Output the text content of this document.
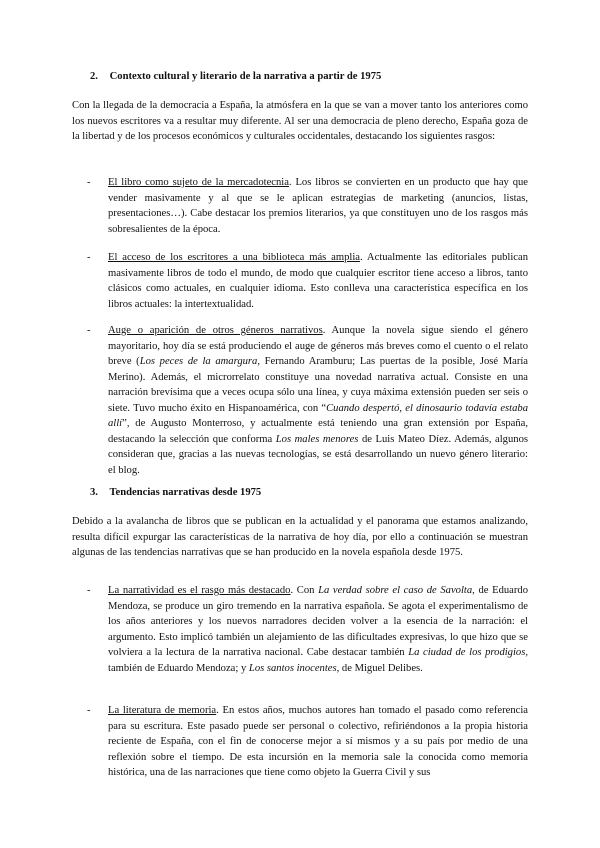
2. Contexto cultural y literario de la narrativa a partir de 1975

Con la llegada de la democracia a España, la atmósfera en la que se van a mover tanto los anteriores como los nuevos escritores va a resultar muy diferente. Al ser una democracia de pleno derecho, España goza de la libertad y de los procesos económicos y culturales occidentales, destacando los siguientes rasgos:

- El libro como sujeto de la mercadotecnia. Los libros se convierten en un producto que hay que vender masivamente y al que se le aplican estrategias de marketing (anuncios, listas, presentaciones…). Cabe destacar los premios literarios, ya que constituyen uno de los rasgos más sobresalientes de la época.
- El acceso de los escritores a una biblioteca más amplia. Actualmente las editoriales publican masivamente libros de todo el mundo, de modo que cualquier escritor tiene acceso a libros, tanto clásicos como actuales, en cualquier idioma. Esto conlleva una característica específica en los libros actuales: la intertextualidad.
- Auge o aparición de otros géneros narrativos. Aunque la novela sigue siendo el género mayoritario, hoy día se está produciendo el auge de géneros más breves como el cuento o el relato breve (Los peces de la amargura, Fernando Aramburu; Las puertas de la posible, José María Merino). Además, el microrrelato constituye una novedad narrativa actual. Consiste en una narración brevísima que a veces ocupa sólo una línea, y cuya máxima extensión pueden ser seis o siete. Tuvo mucho éxito en Hispanoamérica, con “Cuando despertó, el dinosaurio todavía estaba allí”, de Augusto Monterroso, y actualmente está teniendo una gran extensión por España, destacando la selección que conforma Los males menores de Luis Mateo Díez. Además, algunos consideran que, gracias a las nuevas tecnologías, se está desarrollando un nuevo género literario: el blog.
3. Tendencias narrativas desde 1975

Debido a la avalancha de libros que se publican en la actualidad y el panorama que estamos analizando, resulta difícil expurgar las características de la narrativa de hoy día, por ello a continuación se muestran algunas de las tendencias narrativas que se han producido en la novela española desde 1975.

- La narratividad es el rasgo más destacado. Con La verdad sobre el caso de Savolta, de Eduardo Mendoza, se produce un giro tremendo en la narrativa española. Se agota el experimentalismo de los años anteriores y los nuevos narradores deciden volver a la esencia de la narración: el argumento. Esto implicó también un alejamiento de las dificultades expresivas, lo que hizo que se volviera a la lectura de la narrativa nacional. Cabe destacar también La ciudad de los prodigios, también de Eduardo Mendoza; y Los santos inocentes, de Miguel Delibes.
- La literatura de memoria. En estos años, muchos autores han tomado el pasado como referencia para su escritura. Este pasado puede ser personal o colectivo, refiriéndonos a la propia historia reciente de España, con el fin de conocerse mejor a sí mismos y a su país por medio de una reflexión sobre el tiempo. De esta incursión en la memoria sale la conocida como memoria histórica, una de las narraciones que tiene como objeto la Guerra Civil y sus
